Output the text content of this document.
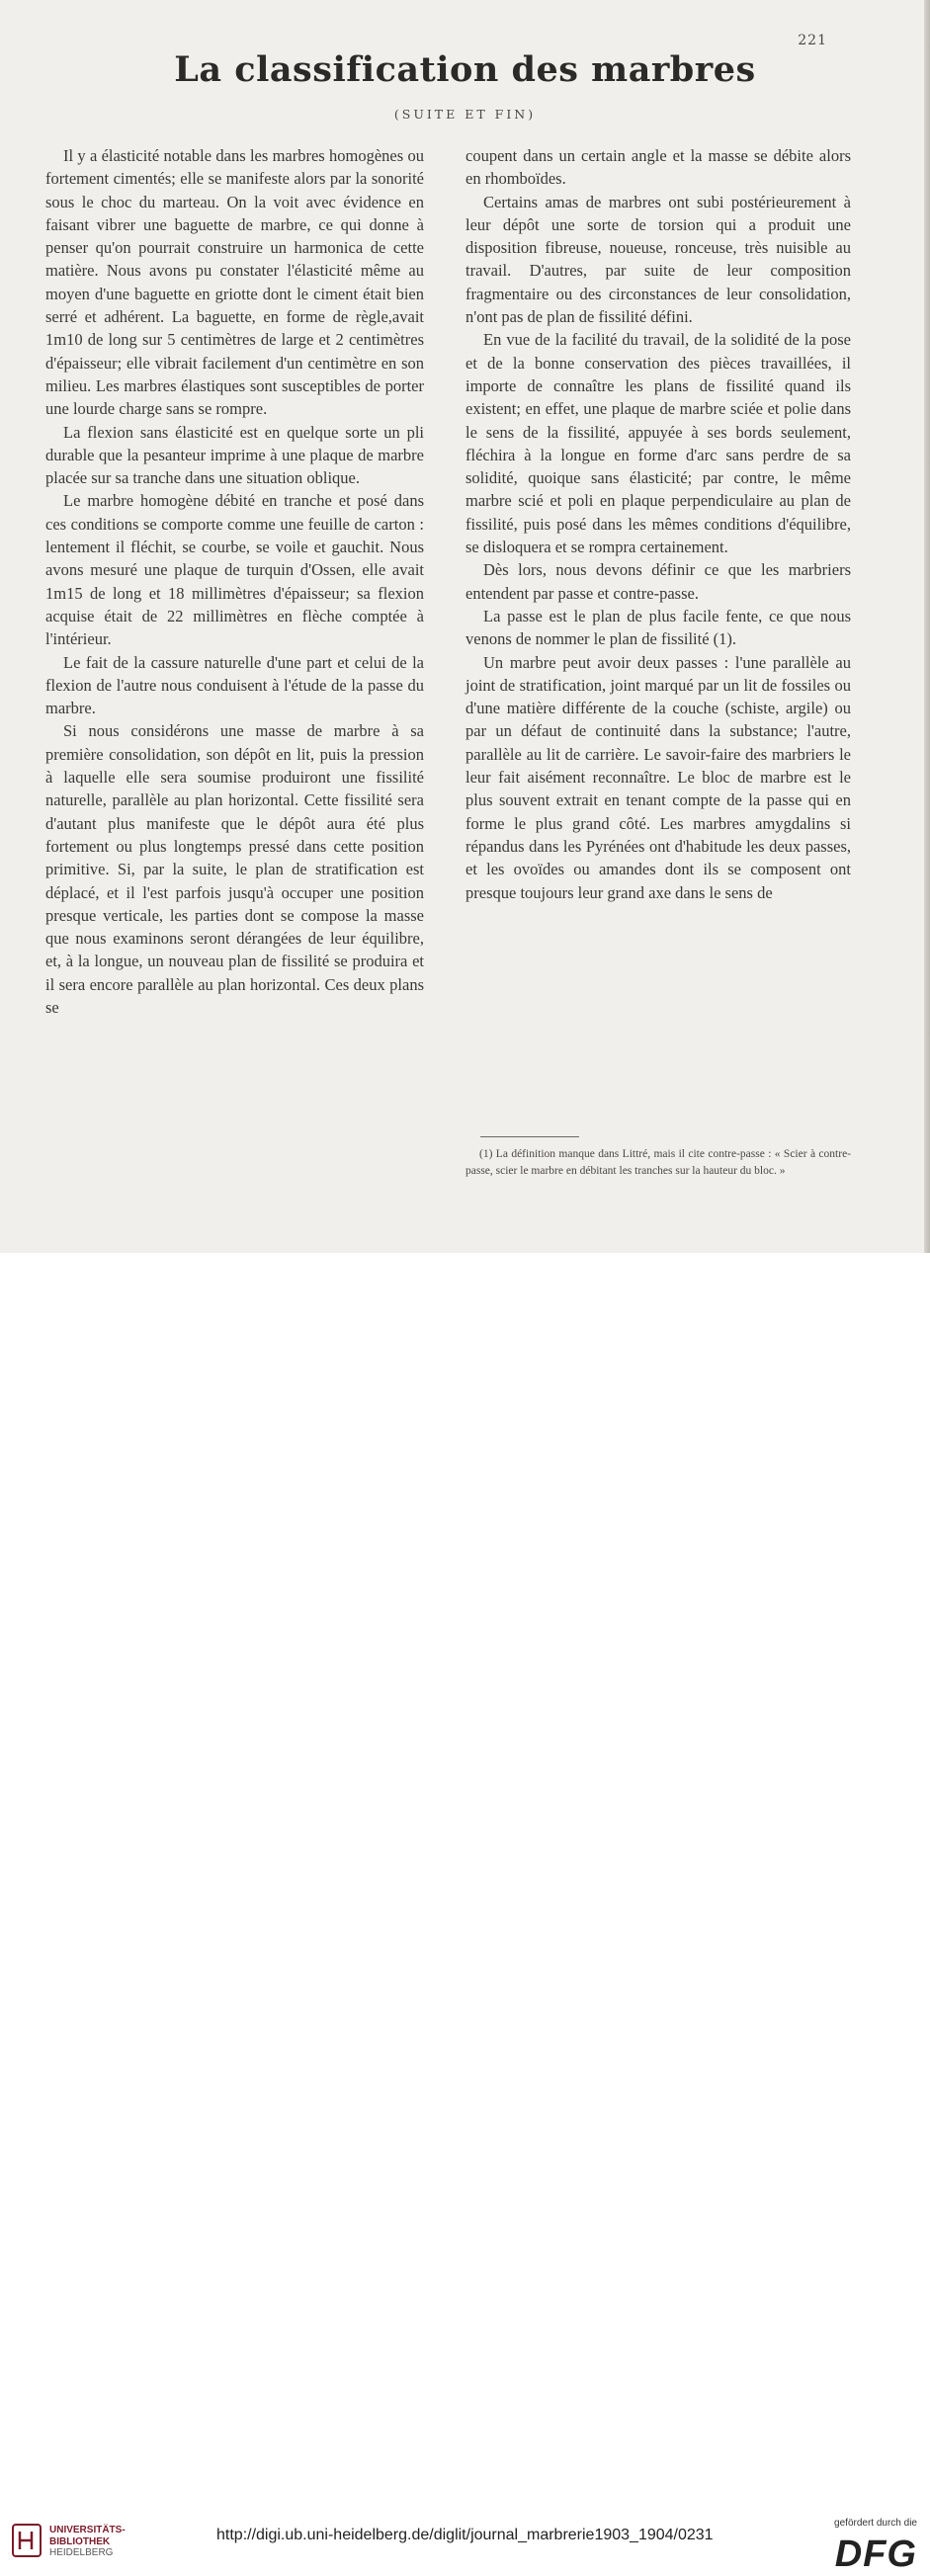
221
La classification des marbres
(SUITE ET FIN)

Il y a élasticité notable dans les marbres homogènes ou fortement cimentés; elle se manifeste alors par la sonorité sous le choc du marteau. On la voit avec évidence en faisant vibrer une baguette de marbre, ce qui donne à penser qu'on pourrait construire un harmonica de cette matière. Nous avons pu constater l'élasticité même au moyen d'une baguette en griotte dont le ciment était bien serré et adhérent. La baguette, en forme de règle,avait 1m10 de long sur 5 centimètres de large et 2 centimètres d'épaisseur; elle vibrait facilement d'un centimètre en son milieu. Les marbres élastiques sont susceptibles de porter une lourde charge sans se rompre.

La flexion sans élasticité est en quelque sorte un pli durable que la pesanteur imprime à une plaque de marbre placée sur sa tranche dans une situation oblique.

Le marbre homogène débité en tranche et posé dans ces conditions se comporte comme une feuille de carton : lentement il fléchit, se courbe, se voile et gauchit. Nous avons mesuré une plaque de turquin d'Ossen, elle avait 1m15 de long et 18 millimètres d'épaisseur; sa flexion acquise était de 22 millimètres en flèche comptée à l'intérieur.

Le fait de la cassure naturelle d'une part et celui de la flexion de l'autre nous conduisent à l'étude de la passe du marbre.

Si nous considérons une masse de marbre à sa première consolidation, son dépôt en lit, puis la pression à laquelle elle sera soumise produiront une fissilité naturelle, parallèle au plan horizontal. Cette fissilité sera d'autant plus manifeste que le dépôt aura été plus fortement ou plus longtemps pressé dans cette position primitive. Si, par la suite, le plan de stratification est déplacé, et il l'est parfois jusqu'à occuper une position presque verticale, les parties dont se compose la masse que nous examinons seront dérangées de leur équilibre, et, à la longue, un nouveau plan de fissilité se produira et il sera encore parallèle au plan horizontal. Ces deux plans se

coupent dans un certain angle et la masse se débite alors en rhomboïdes.

Certains amas de marbres ont subi postérieurement à leur dépôt une sorte de torsion qui a produit une disposition fibreuse, noueuse, ronceuse, très nuisible au travail. D'autres, par suite de leur composition fragmentaire ou des circonstances de leur consolidation, n'ont pas de plan de fissilité défini.

En vue de la facilité du travail, de la solidité de la pose et de la bonne conservation des pièces travaillées, il importe de connaître les plans de fissilité quand ils existent; en effet, une plaque de marbre sciée et polie dans le sens de la fissilité, appuyée à ses bords seulement, fléchira à la longue en forme d'arc sans perdre de sa solidité, quoique sans élasticité; par contre, le même marbre scié et poli en plaque perpendiculaire au plan de fissilité, puis posé dans les mêmes conditions d'équilibre, se disloquera et se rompra certainement.

Dès lors, nous devons définir ce que les marbriers entendent par passe et contre-passe.

La passe est le plan de plus facile fente, ce que nous venons de nommer le plan de fissilité (1).

Un marbre peut avoir deux passes : l'une parallèle au joint de stratification, joint marqué par un lit de fossiles ou d'une matière différente de la couche (schiste, argile) ou par un défaut de continuité dans la substance; l'autre, parallèle au lit de carrière. Le savoir-faire des marbriers le leur fait aisément reconnaître. Le bloc de marbre est le plus souvent extrait en tenant compte de la passe qui en forme le plus grand côté. Les marbres amygdalins si répandus dans les Pyrénées ont d'habitude les deux passes, et les ovoïdes ou amandes dont ils se composent ont presque toujours leur grand axe dans le sens de

(1) La définition manque dans Littré, mais il cite contre-passe : « Scier à contre-passe, scier le marbre en débitant les tranches sur la hauteur du bloc. »

UNIVERSITÄTS-
BIBLIOTHEK
HEIDELBERG
http://digi.ub.uni-heidelberg.de/diglit/journal_marbrerie1903_1904/0231
gefördert durch die
DFG
